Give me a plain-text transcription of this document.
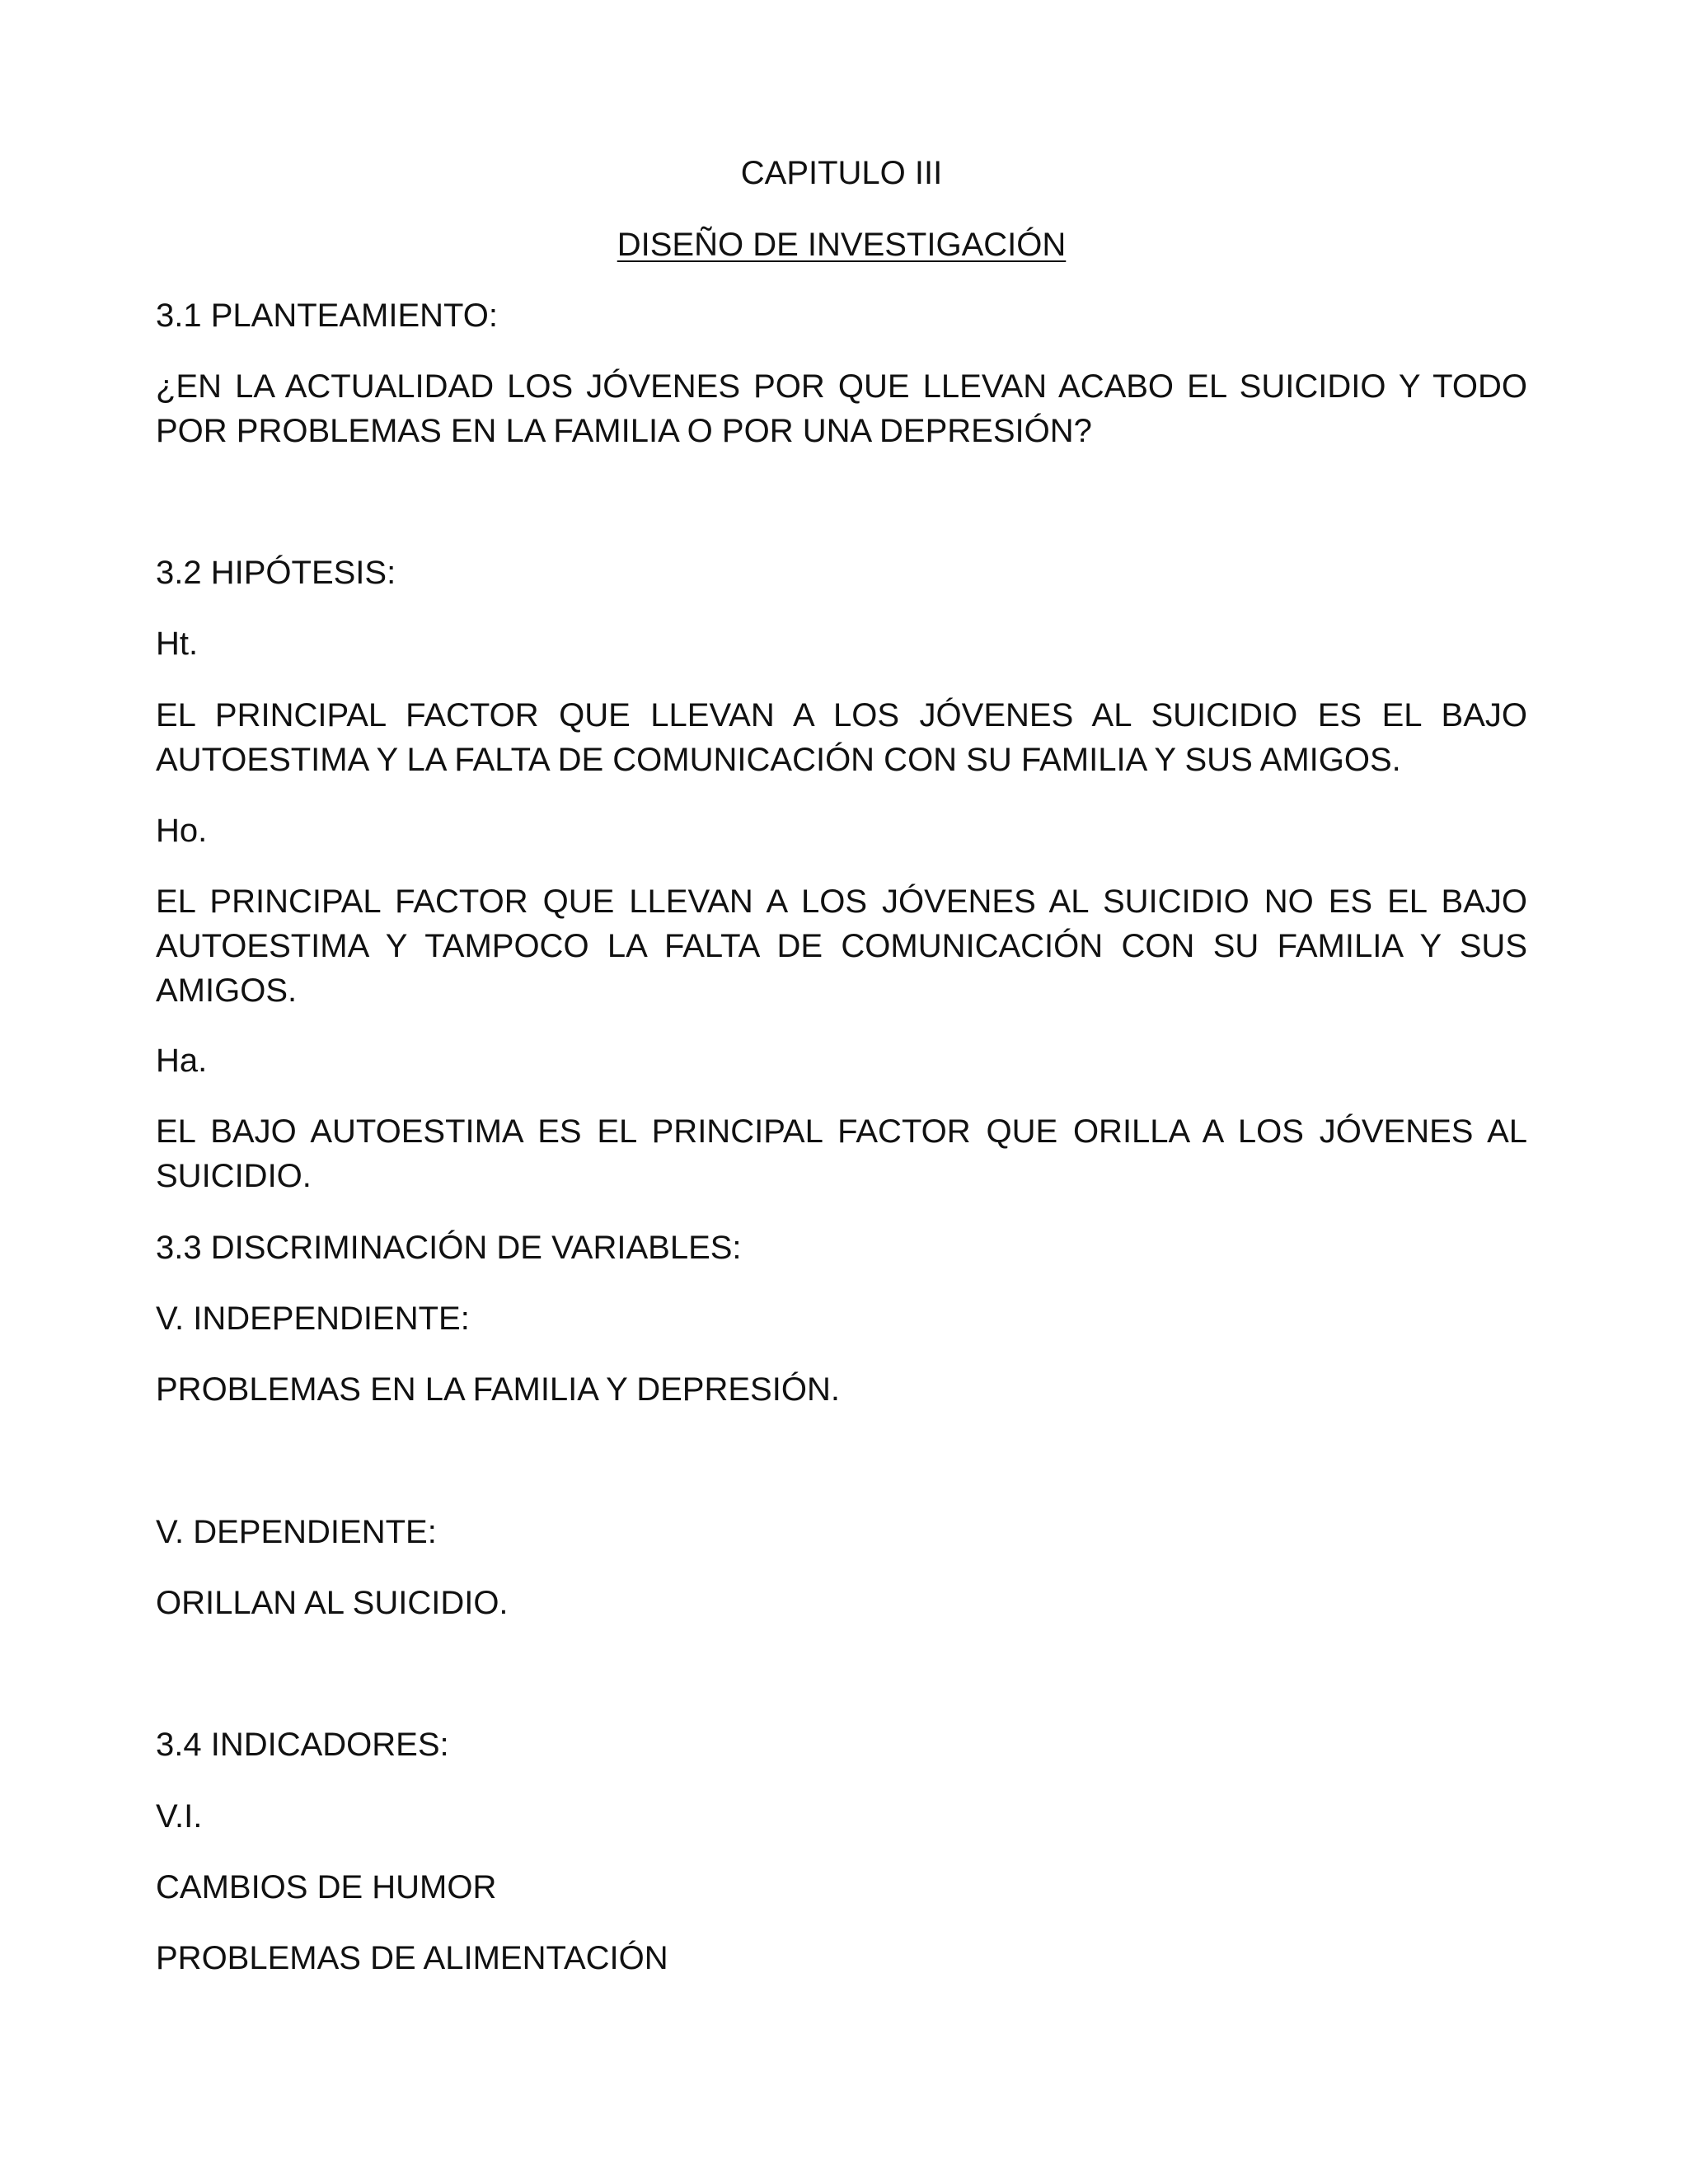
CAPITULO III

DISEÑO DE INVESTIGACIÓN

3.1 PLANTEAMIENTO:

¿EN LA ACTUALIDAD LOS JÓVENES POR QUE LLEVAN ACABO EL SUICIDIO Y TODO POR PROBLEMAS EN LA FAMILIA O POR UNA DEPRESIÓN?

3.2 HIPÓTESIS:

Ht.

EL PRINCIPAL FACTOR QUE LLEVAN A LOS JÓVENES AL SUICIDIO ES EL BAJO AUTOESTIMA Y LA FALTA DE COMUNICACIÓN CON SU FAMILIA Y SUS AMIGOS.

Ho.

EL PRINCIPAL FACTOR QUE LLEVAN A LOS JÓVENES AL SUICIDIO NO ES EL BAJO AUTOESTIMA Y TAMPOCO LA FALTA DE COMUNICACIÓN CON SU FAMILIA Y SUS AMIGOS.

Ha.

EL BAJO AUTOESTIMA ES EL PRINCIPAL FACTOR QUE ORILLA A LOS JÓVENES AL SUICIDIO.

3.3 DISCRIMINACIÓN DE VARIABLES:

V. INDEPENDIENTE:

PROBLEMAS EN LA FAMILIA Y DEPRESIÓN.

V. DEPENDIENTE:

ORILLAN AL SUICIDIO.

3.4 INDICADORES:

V.I.

CAMBIOS DE HUMOR

PROBLEMAS DE ALIMENTACIÓN
